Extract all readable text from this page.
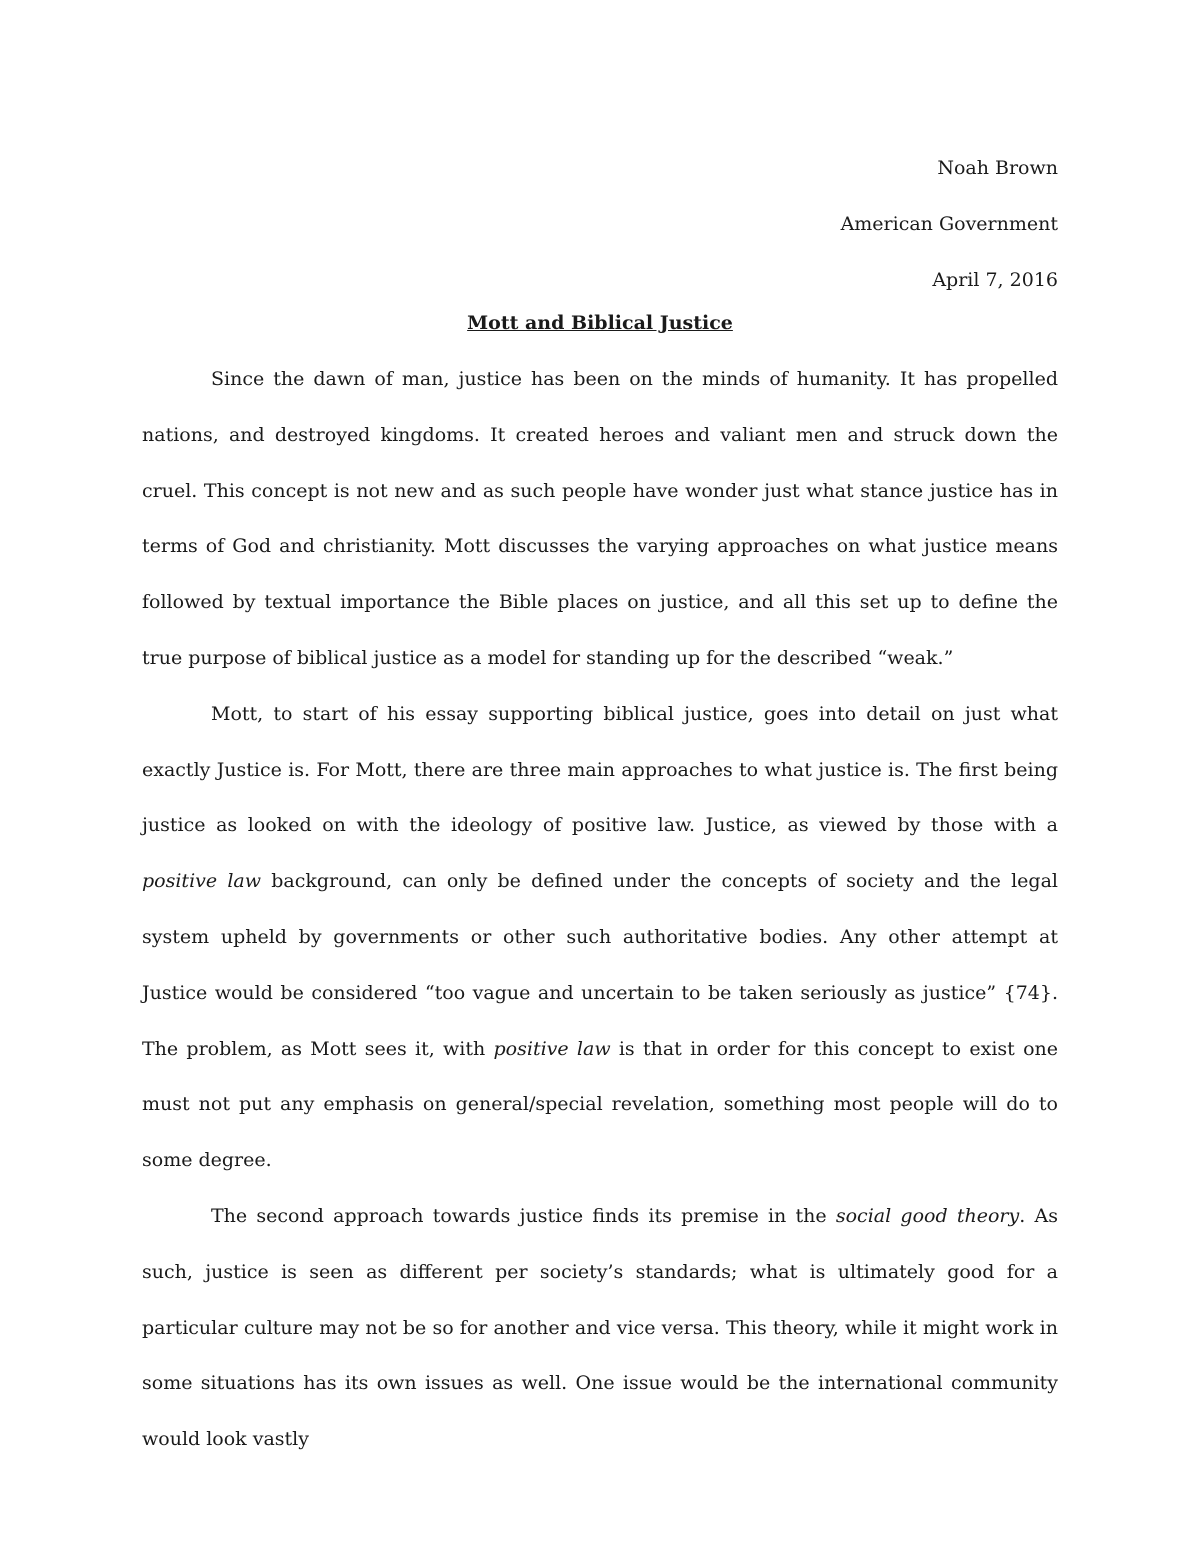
Noah Brown
American Government
April 7, 2016
Mott and Biblical Justice

Since the dawn of man, justice has been on the minds of humanity. It has propelled nations, and destroyed kingdoms. It created heroes and valiant men and struck down the cruel. This concept is not new and as such people have wonder just what stance justice has in terms of God and christianity. Mott discusses the varying approaches on what justice means followed by textual importance the Bible places on justice, and all this set up to define the true purpose of biblical justice as a model for standing up for the described “weak.”

Mott, to start of his essay supporting biblical justice, goes into detail on just what exactly Justice is. For Mott, there are three main approaches to what justice is. The first being justice as looked on with the ideology of positive law. Justice, as viewed by those with a positive law background, can only be defined under the concepts of society and the legal system upheld by governments or other such authoritative bodies. Any other attempt at Justice would be considered “too vague and uncertain to be taken seriously as justice” {74}. The problem, as Mott sees it, with positive law is that in order for this concept to exist one must not put any emphasis on general/special revelation, something most people will do to some degree.

The second approach towards justice finds its premise in the social good theory. As such, justice is seen as different per society’s standards; what is ultimately good for a particular culture may not be so for another and vice versa. This theory, while it might work in some situations has its own issues as well. One issue would be the international community would look vastly
